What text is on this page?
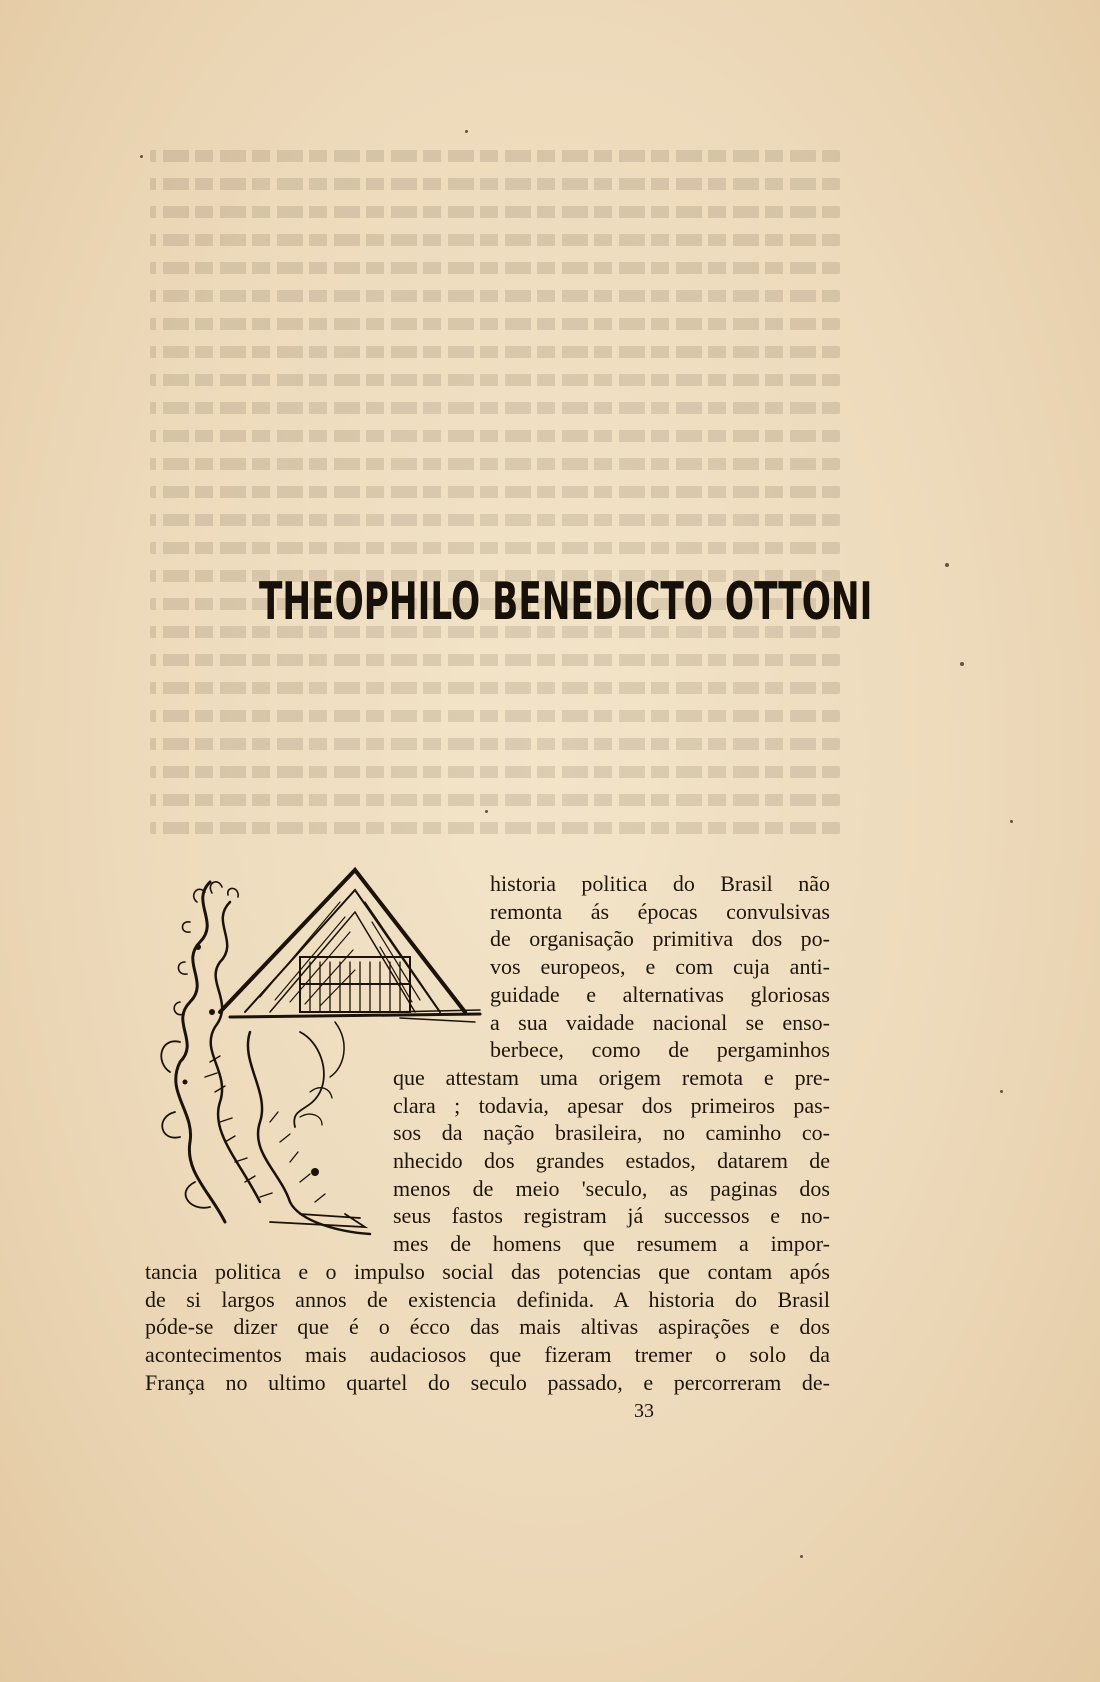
THEOPHILO BENEDICTO OTTONI
historia politica do Brasil não
remonta ás épocas convulsivas
de organisação primitiva dos po-
vos europeos, e com cuja anti-
guidade e alternativas gloriosas
a sua vaidade nacional se enso-
berbece, como de pergaminhos
que attestam uma origem remota e pre-
clara ; todavia, apesar dos primeiros pas-
sos da nação brasileira, no caminho co-
nhecido dos grandes estados, datarem de
menos de meio 'seculo, as paginas dos
seus fastos registram já successos e no-
mes de homens que resumem a impor-
tancia politica e o impulso social das potencias que contam após
de si largos annos de existencia definida. A historia do Brasil
póde-se dizer que é o écco das mais altivas aspirações e dos
acontecimentos mais audaciosos que fizeram tremer o solo da
França no ultimo quartel do seculo passado, e percorreram de-
33
